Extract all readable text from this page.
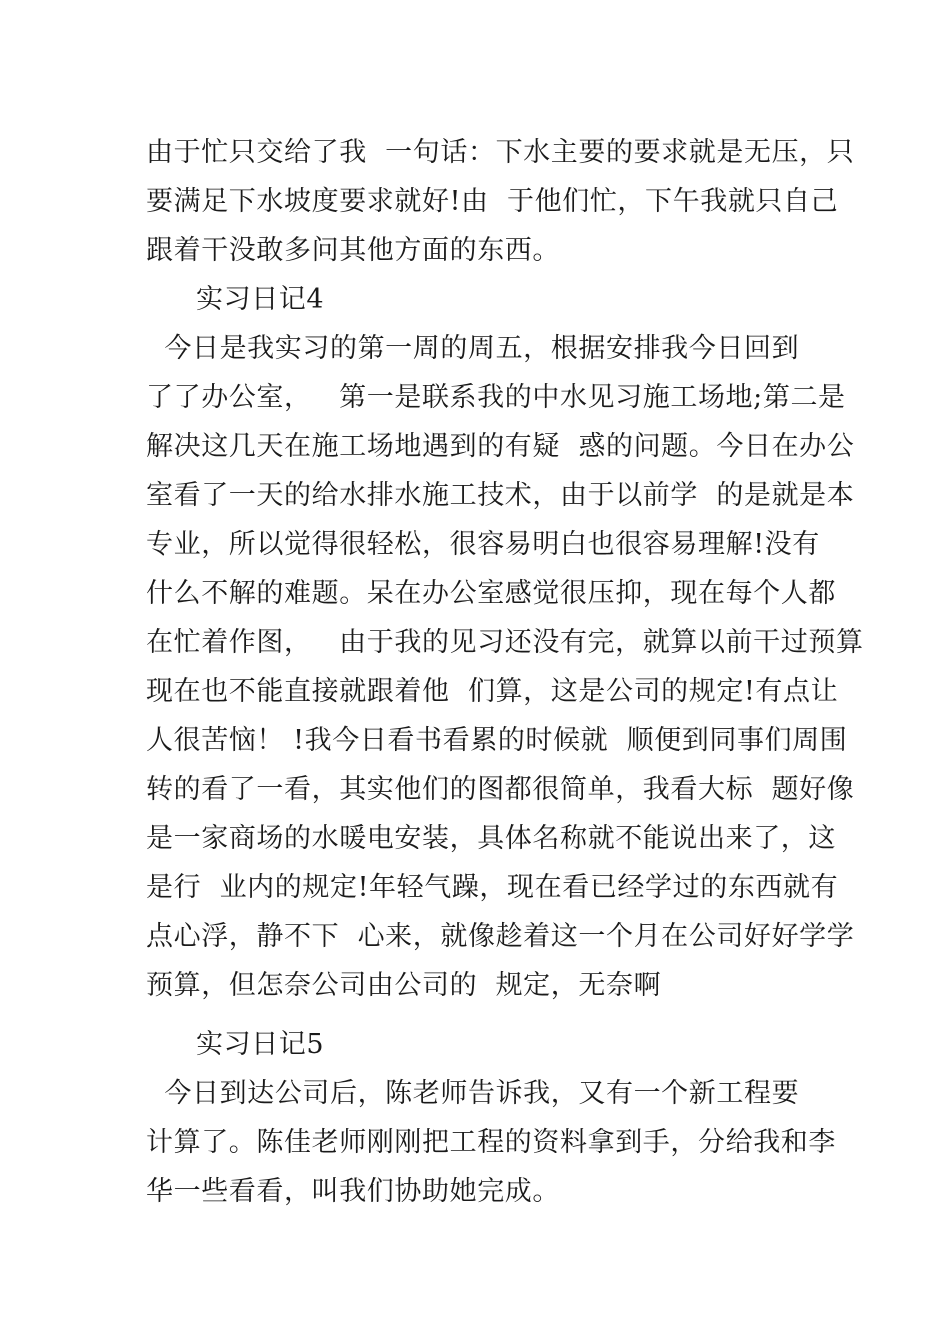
由于忙只交给了我  一句话：下水主要的要求就是无压，只
要满足下水坡度要求就好!由  于他们忙，下午我就只自己
跟着干没敢多问其他方面的东西。
实习日记4
今日是我实习的第一周的周五，根据安排我今日回到
了了办公室，   第一是联系我的中水见习施工场地;第二是
解决这几天在施工场地遇到的有疑  惑的问题。今日在办公
室看了一天的给水排水施工技术，由于以前学  的是就是本
专业，所以觉得很轻松，很容易明白也很容易理解!没有
什么不解的难题。呆在办公室感觉很压抑，现在每个人都
在忙着作图，   由于我的见习还没有完，就算以前干过预算
现在也不能直接就跟着他  们算，这是公司的规定!有点让
人很苦恼！ !我今日看书看累的时候就  顺便到同事们周围
转的看了一看，其实他们的图都很简单，我看大标  题好像
是一家商场的水暖电安装，具体名称就不能说出来了，这
是行  业内的规定!年轻气躁，现在看已经学过的东西就有
点心浮，静不下  心来，就像趁着这一个月在公司好好学学
预算，但怎奈公司由公司的  规定，无奈啊
实习日记5
今日到达公司后，陈老师告诉我，又有一个新工程要
计算了。陈佳老师刚刚把工程的资料拿到手，分给我和李
华一些看看，叫我们协助她完成。
